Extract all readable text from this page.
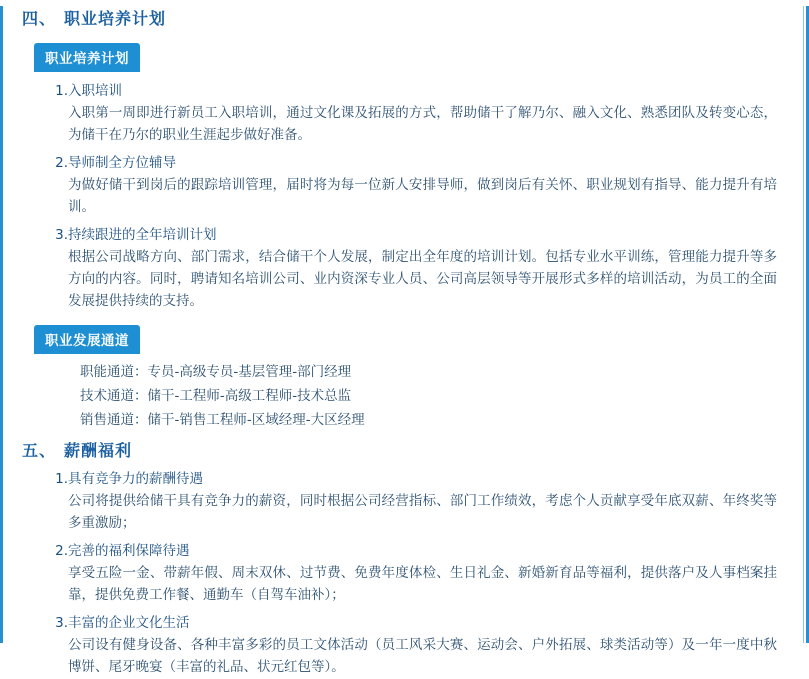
四、 职业培养计划
职业培养计划
1.入职培训
入职第一周即进行新员工入职培训，通过文化课及拓展的方式，帮助储干了解乃尔、融入文化、熟悉团队及转变心态，为储干在乃尔的职业生涯起步做好准备。
2.导师制全方位辅导
为做好储干到岗后的跟踪培训管理，届时将为每一位新人安排导师，做到岗后有关怀、职业规划有指导、能力提升有培训。
3.持续跟进的全年培训计划
根据公司战略方向、部门需求，结合储干个人发展，制定出全年度的培训计划。包括专业水平训练，管理能力提升等多方向的内容。同时，聘请知名培训公司、业内资深专业人员、公司高层领导等开展形式多样的培训活动，为员工的全面发展提供持续的支持。
职业发展通道
职能通道：专员-高级专员-基层管理-部门经理
技术通道：储干-工程师-高级工程师-技术总监
销售通道：储干-销售工程师-区域经理-大区经理
五、 薪酬福利
1.具有竞争力的薪酬待遇
公司将提供给储干具有竞争力的薪资，同时根据公司经营指标、部门工作绩效，考虑个人贡献享受年底双薪、年终奖等多重激励；
2.完善的福利保障待遇
享受五险一金、带薪年假、周末双休、过节费、免费年度体检、生日礼金、新婚新育品等福利，提供落户及人事档案挂靠，提供免费工作餐、通勤车（自驾车油补）；
3.丰富的企业文化生活
公司设有健身设备、各种丰富多彩的员工文体活动（员工风采大赛、运动会、户外拓展、球类活动等）及一年一度中秋博饼、尾牙晚宴（丰富的礼品、状元红包等）。
